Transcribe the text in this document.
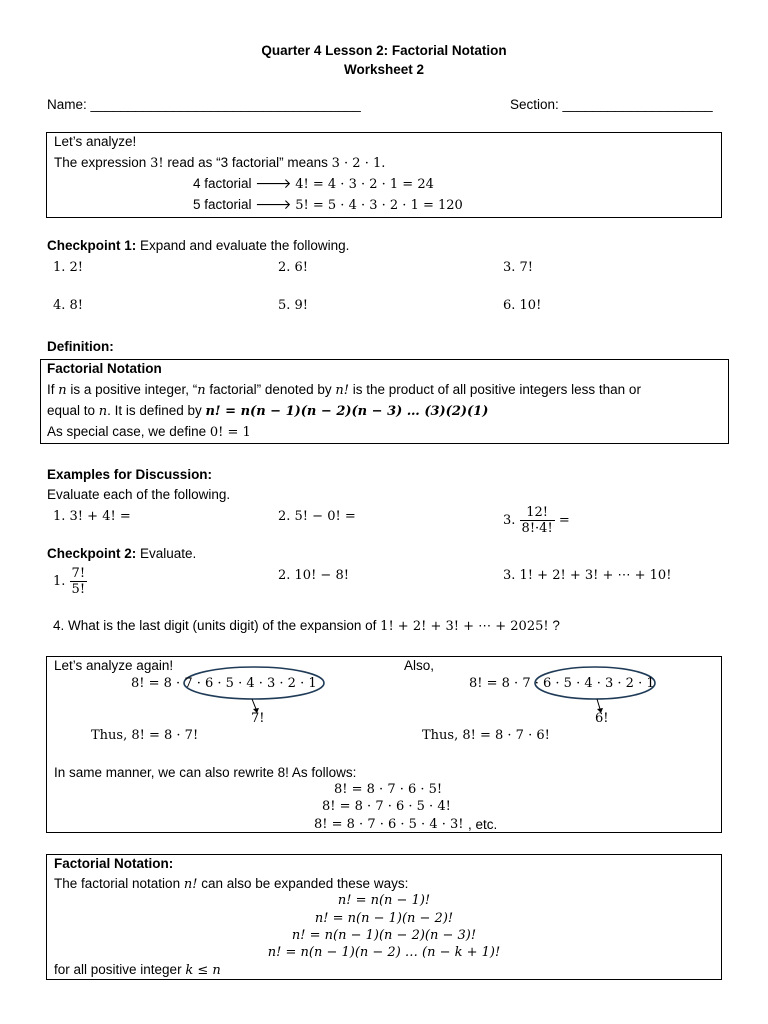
Quarter 4 Lesson 2: Factorial Notation
Worksheet 2
Name: ____________________________________	Section: ____________________
Let’s analyze!
The expression 3! read as “3 factorial” means 3 · 2 · 1.
4 factorial 🡒 4! = 4 · 3 · 2 · 1 = 24
5 factorial 🡒 5! = 5 · 4 · 3 · 2 · 1 = 120
Checkpoint 1: Expand and evaluate the following.
1. 2!	2. 6!	3. 7!
4. 8!	5. 9!	6. 10!
Definition:
Factorial Notation
If n is a positive integer, “n factorial” denoted by n! is the product of all positive integers less than or
equal to n. It is defined by n! = n(n − 1)(n − 2)(n − 3) … (3)(2)(1)
As special case, we define 0! = 1
Examples for Discussion:
Evaluate each of the following.
1. 3! + 4! =	2. 5! − 0! =	3. $\frac{12!}{8!\cdot 4!}$ =
Checkpoint 2: Evaluate.
1. $\frac{7!}{5!}$	2. 10! − 8!	3. 1! + 2! + 3! + ⋯ + 10!
4. What is the last digit (units digit) of the expansion of 1! + 2! + 3! + ⋯ + 2025! ?
Let’s analyze again!	Also,
8! = 8 · 7 · 6 · 5 · 4 · 3 · 2 · 1
7!
Thus, 8! = 8 · 7!
8! = 8 · 7 · 6 · 5 · 4 · 3 · 2 · 1
6!
Thus, 8! = 8 · 7 · 6!
In same manner, we can also rewrite 8! As follows:
8! = 8 · 7 · 6 · 5!
8! = 8 · 7 · 6 · 5 · 4!
8! = 8 · 7 · 6 · 5 · 4 · 3! , etc.
Factorial Notation:
The factorial notation n! can also be expanded these ways:
n! = n(n − 1)!
n! = n(n − 1)(n − 2)!
n! = n(n − 1)(n − 2)(n − 3)!
n! = n(n − 1)(n − 2) … (n − k + 1)!
for all positive integer k ≤ n
